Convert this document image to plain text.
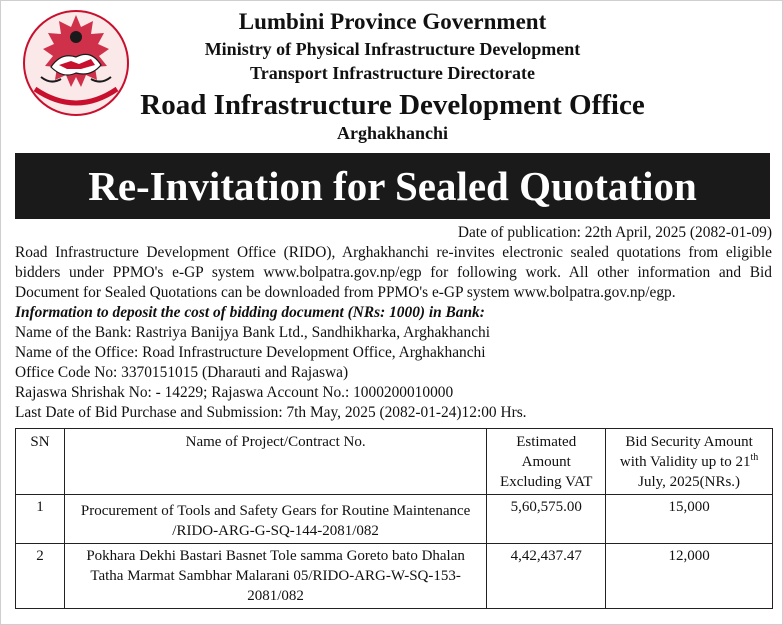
Lumbini Province Government
Ministry of Physical Infrastructure Development
Transport Infrastructure Directorate
Road Infrastructure Development Office
Arghakhanchi
Re-Invitation for Sealed Quotation
Date of publication: 22th April, 2025 (2082-01-09)
Road Infrastructure Development Office (RIDO), Arghakhanchi re-invites electronic sealed quotations from eligible bidders under PPMO's e-GP system www.bolpatra.gov.np/egp for following work. All other information and Bid Document for Sealed Quotations can be downloaded from PPMO's e-GP system www.bolpatra.gov.np/egp.
Information to deposit the cost of bidding document (NRs: 1000) in Bank:
Name of the Bank: Rastriya Banijya Bank Ltd., Sandhikharka, Arghakhanchi
Name of the Office: Road Infrastructure Development Office, Arghakhanchi
Office Code No: 3370151015 (Dharauti and Rajaswa)
Rajaswa Shrishak No: - 14229; Rajaswa Account No.: 1000200010000
Last Date of Bid Purchase and Submission: 7th May, 2025 (2082-01-24)12:00 Hrs.
SN	Name of Project/Contract No.	Estimated Amount Excluding VAT	Bid Security Amount with Validity up to 21th July, 2025(NRs.)
1	Procurement of Tools and Safety Gears for Routine Maintenance /RIDO-ARG-G-SQ-144-2081/082	5,60,575.00	15,000
2	Pokhara Dekhi Bastari Basnet Tole samma Goreto bato Dhalan Tatha Marmat Sambhar Malarani 05/RIDO-ARG-W-SQ-153-2081/082	4,42,437.47	12,000
